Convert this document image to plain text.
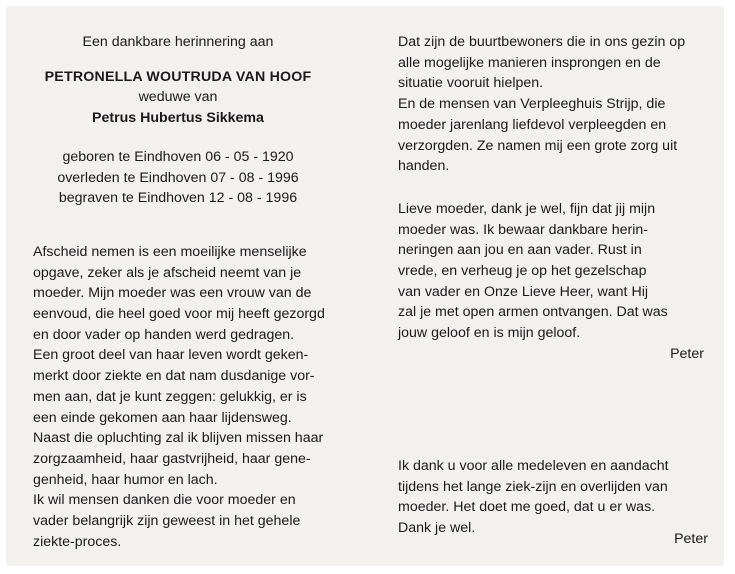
Een dankbare herinnering aan
PETRONELLA WOUTRUDA VAN HOOF
weduwe van
Petrus Hubertus Sikkema
geboren te Eindhoven 06 - 05 - 1920
overleden te Eindhoven 07 - 08 - 1996
begraven te Eindhoven 12 - 08 - 1996
Afscheid nemen is een moeilijke menselijke
opgave, zeker als je afscheid neemt van je
moeder. Mijn moeder was een vrouw van de
eenvoud, die heel goed voor mij heeft gezorgd
en door vader op handen werd gedragen.
Een groot deel van haar leven wordt geken-
merkt door ziekte en dat nam dusdanige vor-
men aan, dat je kunt zeggen: gelukkig, er is
een einde gekomen aan haar lijdensweg.
Naast die opluchting zal ik blijven missen haar
zorgzaamheid, haar gastvrijheid, haar gene-
genheid, haar humor en lach.
Ik wil mensen danken die voor moeder en
vader belangrijk zijn geweest in het gehele
ziekte-proces.
Dat zijn de buurtbewoners die in ons gezin op
alle mogelijke manieren insprongen en de
situatie vooruit hielpen.
En de mensen van Verpleeghuis Strijp, die
moeder jarenlang liefdevol verpleegden en
verzorgden. Ze namen mij een grote zorg uit
handen.
Lieve moeder, dank je wel, fijn dat jij mijn
moeder was. Ik bewaar dankbare herin-
neringen aan jou en aan vader. Rust in
vrede, en verheug je op het gezelschap
van vader en Onze Lieve Heer, want Hij
zal je met open armen ontvangen. Dat was
jouw geloof en is mijn geloof.
Peter
Ik dank u voor alle medeleven en aandacht
tijdens het lange ziek-zijn en overlijden van
moeder. Het doet me goed, dat u er was.
Dank je wel.
Peter
